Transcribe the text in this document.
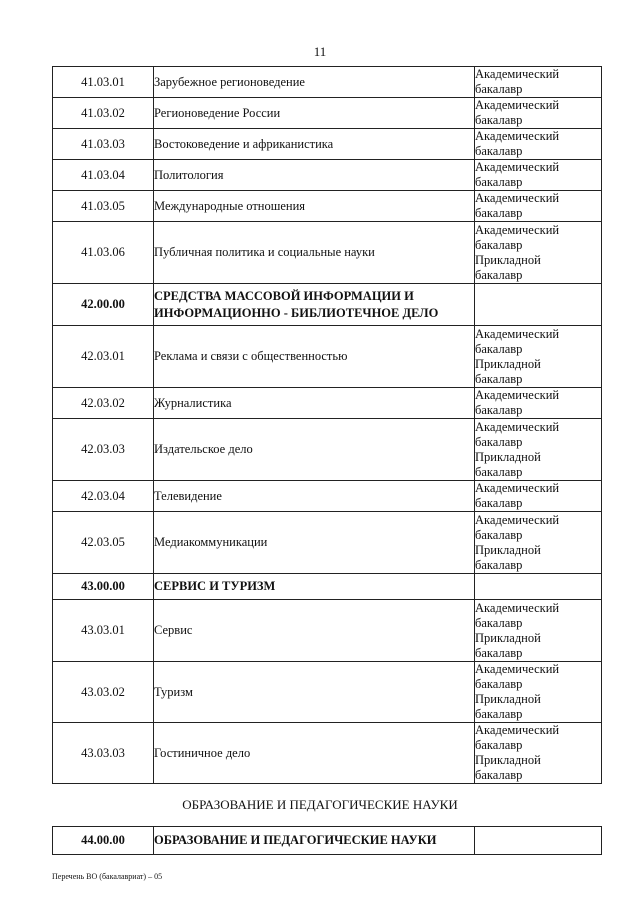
11
41.03.01	Зарубежное регионоведение	Академический
бакалавр

41.03.02	Регионоведение России	Академический
бакалавр

41.03.03	Востоковедение и африканистика	Академический
бакалавр

41.03.04	Политология	Академический
бакалавр

41.03.05	Международные отношения	Академический
бакалавр

41.03.06	Публичная политика и социальные науки	Академический
бакалавр
Прикладной
бакалавр

42.00.00	СРЕДСТВА МАССОВОЙ ИНФОРМАЦИИ И ИНФОРМАЦИОННО - БИБЛИОТЕЧНОЕ ДЕЛО	
42.03.01	Реклама и связи с общественностью	Академический
бакалавр
Прикладной
бакалавр

42.03.02	Журналистика	Академический
бакалавр

42.03.03	Издательское дело	Академический
бакалавр
Прикладной
бакалавр

42.03.04	Телевидение	Академический
бакалавр

42.03.05	Медиакоммуникации	Академический
бакалавр
Прикладной
бакалавр

43.00.00	СЕРВИС И ТУРИЗМ	
43.03.01	Сервис	Академический
бакалавр
Прикладной
бакалавр

43.03.02	Туризм	Академический
бакалавр
Прикладной
бакалавр

43.03.03	Гостиничное дело	Академический
бакалавр
Прикладной
бакалавр
ОБРАЗОВАНИЕ И ПЕДАГОГИЧЕСКИЕ НАУКИ
44.00.00	ОБРАЗОВАНИЕ И ПЕДАГОГИЧЕСКИЕ НАУКИ	
Перечень ВО (бакалавриат) – 05
